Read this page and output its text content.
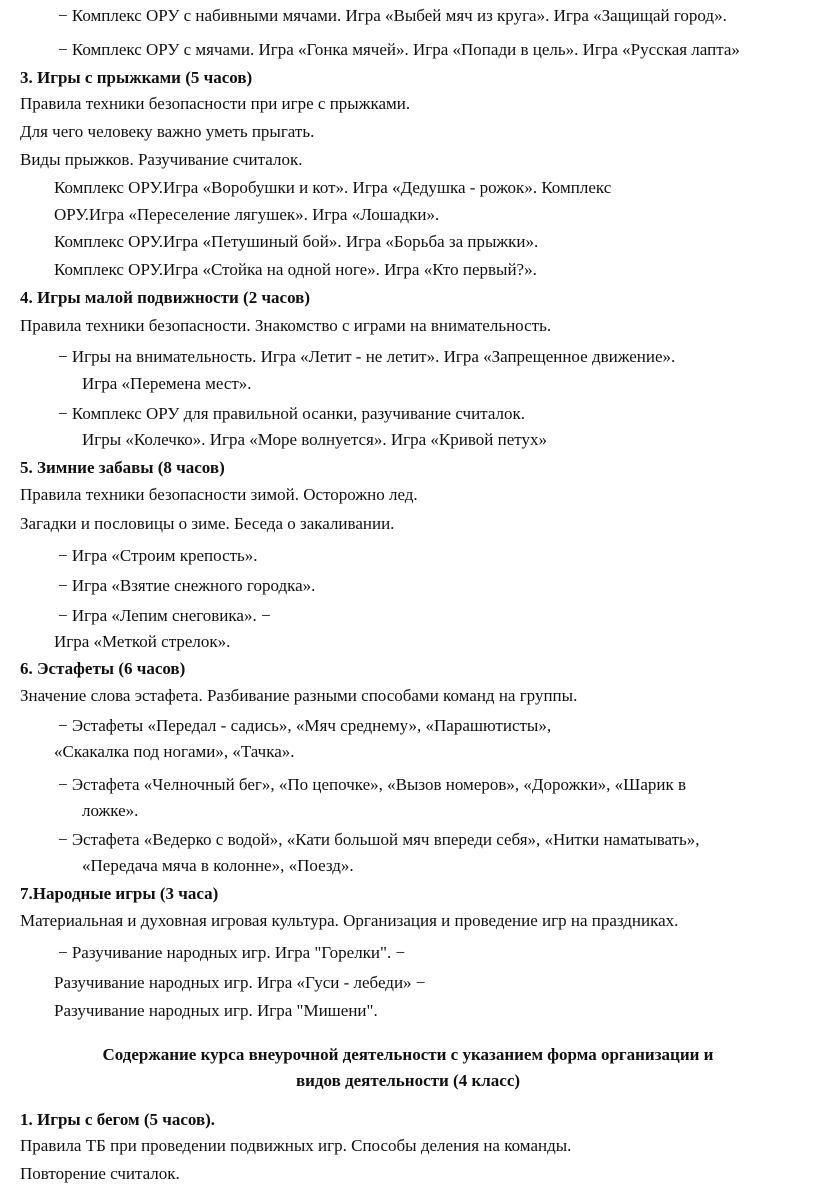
− Комплекс ОРУ с набивными мячами. Игра «Выбей мяч из круга». Игра «Защищай город».
− Комплекс ОРУ с мячами. Игра «Гонка мячей». Игра «Попади в цель». Игра «Русская лапта»
3. Игры с прыжками (5 часов)
Правила техники безопасности при игре с прыжками.
Для чего человеку важно уметь прыгать.
Виды прыжков. Разучивание считалок.
Комплекс ОРУ.Игра «Воробушки и кот». Игра «Дедушка - рожок». Комплекс
ОРУ.Игра «Переселение лягушек». Игра «Лошадки».
Комплекс ОРУ.Игра «Петушиный бой». Игра «Борьба за прыжки».
Комплекс ОРУ.Игра «Стойка на одной ноге». Игра «Кто первый?».
4. Игры малой подвижности (2 часов)
Правила техники безопасности. Знакомство с играми на внимательность.
− Игры на внимательность. Игра «Летит - не летит». Игра «Запрещенное движение».
Игра «Перемена мест».
− Комплекс ОРУ для правильной осанки, разучивание считалок.
Игры «Колечко». Игра «Море волнуется». Игра «Кривой петух»
5. Зимние забавы (8 часов)
Правила техники безопасности зимой. Осторожно лед.
Загадки и пословицы о зиме. Беседа о закаливании.
− Игра «Строим крепость».
− Игра «Взятие снежного городка».
− Игра «Лепим снеговика». −
Игра «Меткой стрелок».
6. Эстафеты (6 часов)
Значение слова эстафета. Разбивание разными способами команд на группы.
− Эстафеты «Передал - садись», «Мяч среднему», «Парашютисты»,
«Скакалка под ногами», «Тачка».
− Эстафета «Челночный бег», «По цепочке», «Вызов номеров», «Дорожки», «Шарик в
ложке».
− Эстафета «Ведерко с водой», «Кати большой мяч впереди себя», «Нитки наматывать»,
«Передача мяча в колонне», «Поезд».
7.Народные игры (3 часа)
Материальная и духовная игровая культура. Организация и проведение игр на праздниках.
− Разучивание народных игр. Игра "Горелки". −
Разучивание народных игр. Игра «Гуси - лебеди» −
Разучивание народных игр. Игра "Мишени".
Содержание курса внеурочной деятельности с указанием форма организации и
видов деятельности (4 класс)
1. Игры с бегом (5 часов).
Правила ТБ при проведении подвижных игр. Способы деления на команды.
Повторение считалок.
